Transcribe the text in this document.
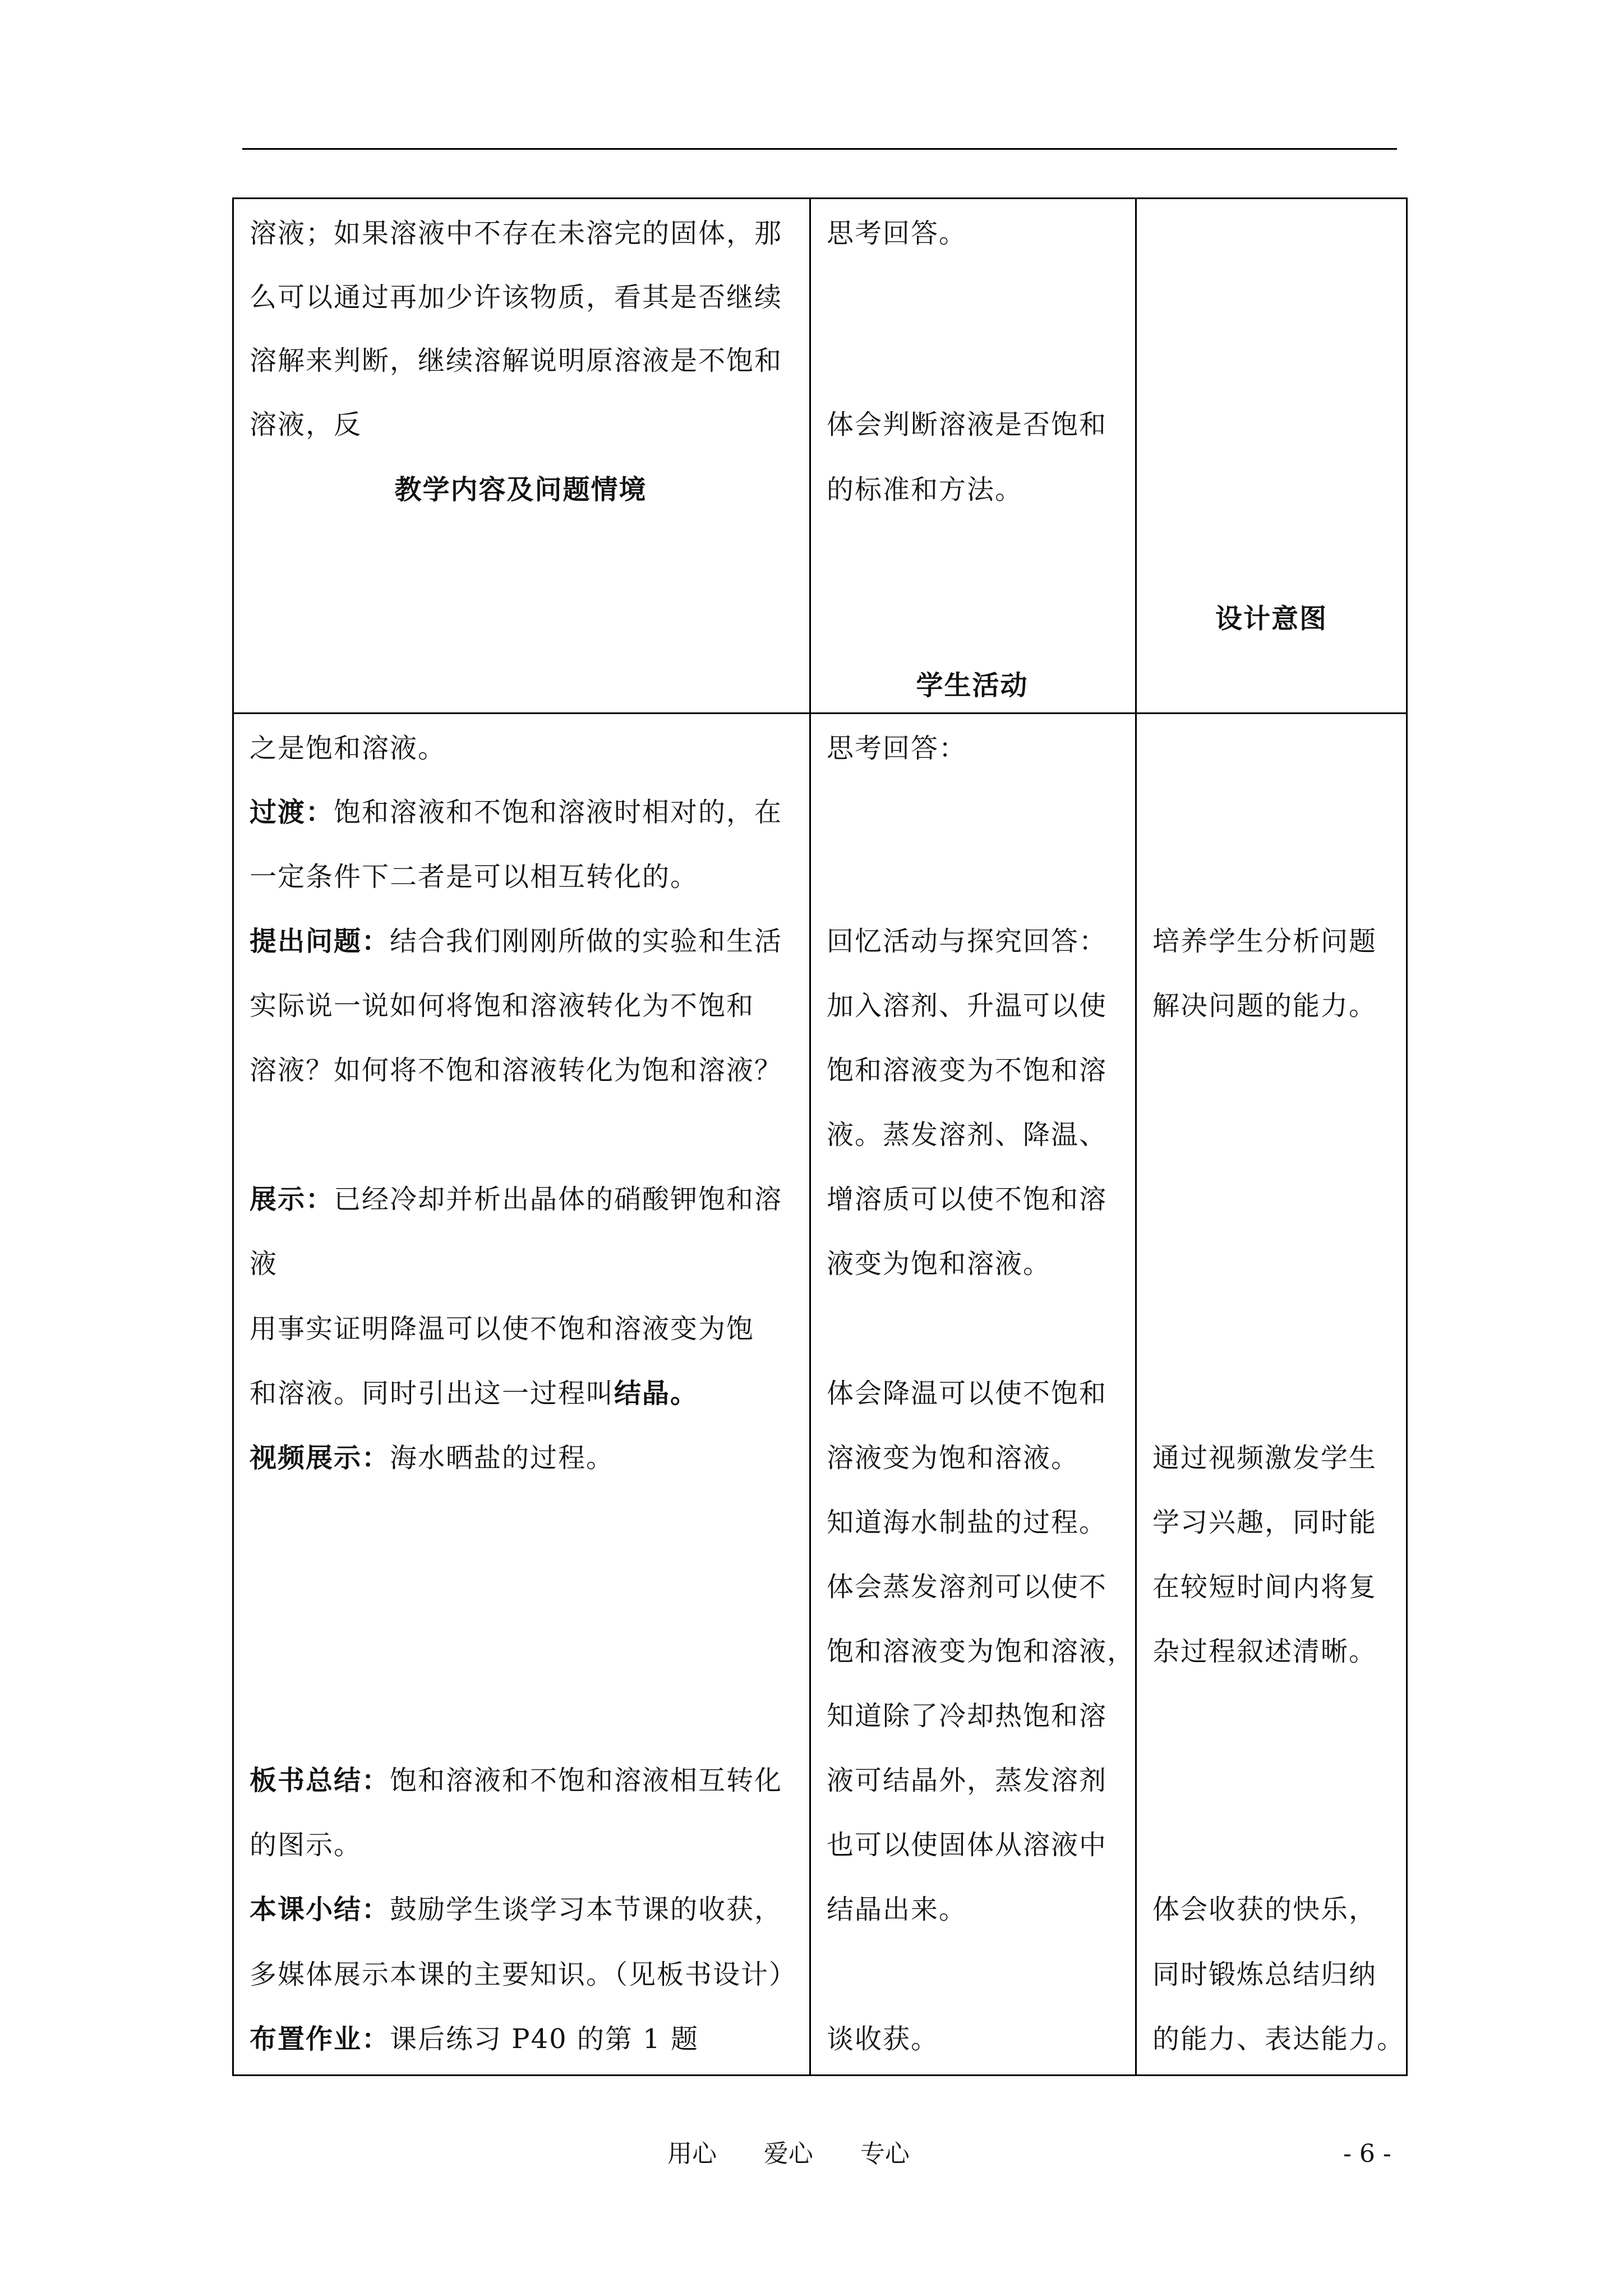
溶液；如果溶液中不存在未溶完的固体，那
么可以通过再加少许该物质，看其是否继续
溶解来判断，继续溶解说明原溶液是不饱和
溶液，反
教学内容及问题情境
思考回答。
体会判断溶液是否饱和
的标准和方法。
学生活动
设计意图
之是饱和溶液。
过渡：饱和溶液和不饱和溶液时相对的，在
一定条件下二者是可以相互转化的。
提出问题：结合我们刚刚所做的实验和生活
实际说一说如何将饱和溶液转化为不饱和
溶液？如何将不饱和溶液转化为饱和溶液？
展示：已经冷却并析出晶体的硝酸钾饱和溶
液
用事实证明降温可以使不饱和溶液变为饱
和溶液。同时引出这一过程叫结晶。
视频展示：海水晒盐的过程。
板书总结：饱和溶液和不饱和溶液相互转化
的图示。
本课小结：鼓励学生谈学习本节课的收获，
多媒体展示本课的主要知识。（见板书设计）
布置作业：课后练习 P40 的第 1 题
思考回答：
回忆活动与探究回答：
加入溶剂、升温可以使
饱和溶液变为不饱和溶
液。蒸发溶剂、降温、
增溶质可以使不饱和溶
液变为饱和溶液。
体会降温可以使不饱和
溶液变为饱和溶液。
知道海水制盐的过程。
体会蒸发溶剂可以使不
饱和溶液变为饱和溶液，
知道除了冷却热饱和溶
液可结晶外，蒸发溶剂
也可以使固体从溶液中
结晶出来。
谈收获。
培养学生分析问题
解决问题的能力。
通过视频激发学生
学习兴趣，同时能
在较短时间内将复
杂过程叙述清晰。
体会收获的快乐，
同时锻炼总结归纳
的能力、表达能力。
用心      爱心      专心	- 6 -
